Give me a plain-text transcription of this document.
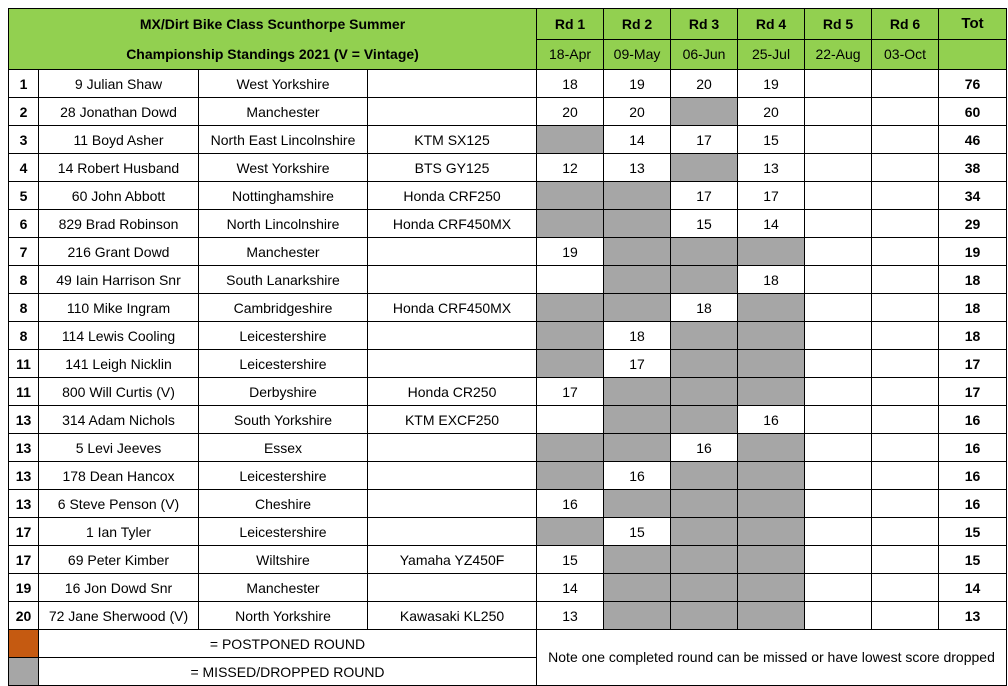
MX/Dirt Bike Class Scunthorpe Summer
Championship Standings 2021 (V = Vintage)				Rd 1	Rd 2	Rd 3	Rd 4	Rd 5	Rd 6	Tot
				18-Apr	09-May	06-Jun	25-Jul	22-Aug	03-Oct	
1	9 Julian Shaw	West Yorkshire		18	19	20	19			76
2	28 Jonathan Dowd	Manchester		20	20		20			60
3	11 Boyd Asher	North East Lincolnshire	KTM SX125		14	17	15			46
4	14 Robert Husband	West Yorkshire	BTS GY125	12	13		13			38
5	60 John Abbott	Nottinghamshire	Honda CRF250			17	17			34
6	829 Brad Robinson	North Lincolnshire	Honda CRF450MX			15	14			29
7	216 Grant Dowd	Manchester		19						19
8	49 Iain Harrison Snr	South Lanarkshire					18			18
8	110 Mike Ingram	Cambridgeshire	Honda CRF450MX			18				18
8	114 Lewis Cooling	Leicestershire			18					18
11	141 Leigh Nicklin	Leicestershire			17					17
11	800 Will Curtis (V)	Derbyshire	Honda CR250	17						17
13	314 Adam Nichols	South Yorkshire	KTM EXCF250				16			16
13	5 Levi Jeeves	Essex				16				16
13	178 Dean Hancox	Leicestershire			16					16
13	6 Steve Penson (V)	Cheshire		16						16
17	1 Ian Tyler	Leicestershire			15					15
17	69 Peter Kimber	Wiltshire	Yamaha YZ450F	15						15
19	16 Jon Dowd Snr	Manchester		14						14
20	72 Jane Sherwood (V)	North Yorkshire	Kawasaki KL250	13						13
	= POSTPONED ROUND			Note one completed round can be missed or have lowest score dropped						
	= MISSED/DROPPED ROUND									
